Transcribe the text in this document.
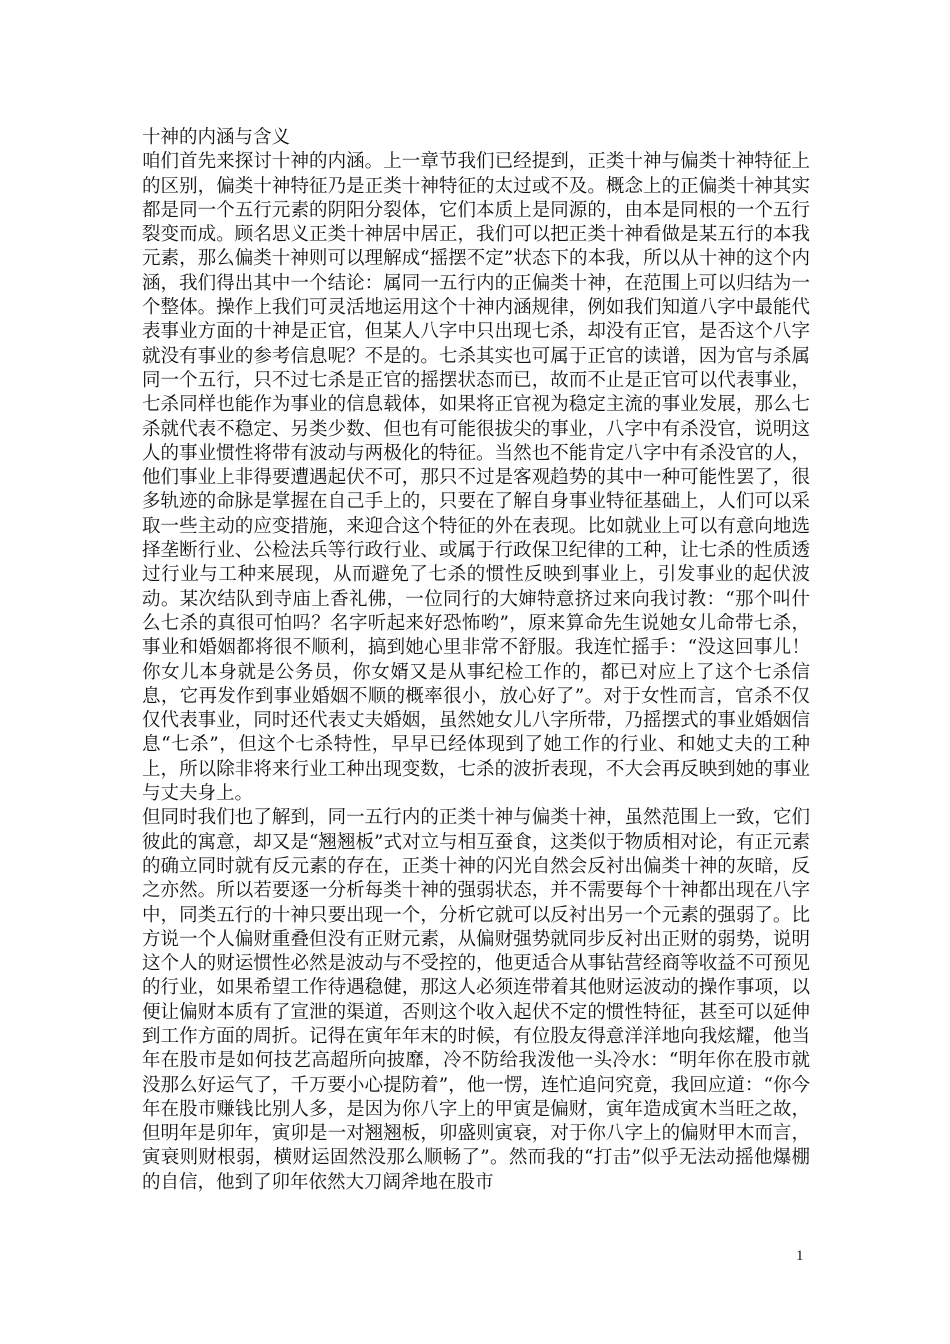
十神的内涵与含义

咱们首先来探讨十神的内涵。上一章节我们已经提到，正类十神与偏类十神特征上的区别，偏类十神特征乃是正类十神特征的太过或不及。概念上的正偏类十神其实都是同一个五行元素的阴阳分裂体，它们本质上是同源的，由本是同根的一个五行裂变而成。顾名思义正类十神居中居正，我们可以把正类十神看做是某五行的本我元素，那么偏类十神则可以理解成“摇摆不定”状态下的本我，所以从十神的这个内涵，我们得出其中一个结论：属同一五行内的正偏类十神，在范围上可以归结为一个整体。操作上我们可灵活地运用这个十神内涵规律，例如我们知道八字中最能代表事业方面的十神是正官，但某人八字中只出现七杀，却没有正官，是否这个八字就没有事业的参考信息呢？不是的。七杀其实也可属于正官的读谱，因为官与杀属同一个五行，只不过七杀是正官的摇摆状态而已，故而不止是正官可以代表事业，七杀同样也能作为事业的信息载体，如果将正官视为稳定主流的事业发展，那么七杀就代表不稳定、另类少数、但也有可能很拔尖的事业，八字中有杀没官，说明这人的事业惯性将带有波动与两极化的特征。当然也不能肯定八字中有杀没官的人，他们事业上非得要遭遇起伏不可，那只不过是客观趋势的其中一种可能性罢了，很多轨迹的命脉是掌握在自己手上的，只要在了解自身事业特征基础上，人们可以采取一些主动的应变措施，来迎合这个特征的外在表现。比如就业上可以有意向地选择垄断行业、公检法兵等行政行业、或属于行政保卫纪律的工种，让七杀的性质透过行业与工种来展现，从而避免了七杀的惯性反映到事业上，引发事业的起伏波动。某次结队到寺庙上香礼佛，一位同行的大婶特意挤过来向我讨教：“那个叫什么七杀的真很可怕吗？名字听起来好恐怖哟”，原来算命先生说她女儿命带七杀，事业和婚姻都将很不顺利，搞到她心里非常不舒服。我连忙摇手：“没这回事儿！你女儿本身就是公务员，你女婿又是从事纪检工作的，都已对应上了这个七杀信息，它再发作到事业婚姻不顺的概率很小，放心好了”。对于女性而言，官杀不仅仅代表事业，同时还代表丈夫婚姻，虽然她女儿八字所带，乃摇摆式的事业婚姻信息“七杀”，但这个七杀特性，早早已经体现到了她工作的行业、和她丈夫的工种上，所以除非将来行业工种出现变数，七杀的波折表现，不大会再反映到她的事业与丈夫身上。

但同时我们也了解到，同一五行内的正类十神与偏类十神，虽然范围上一致，它们彼此的寓意，却又是“翘翘板”式对立与相互蚕食，这类似于物质相对论，有正元素的确立同时就有反元素的存在，正类十神的闪光自然会反衬出偏类十神的灰暗，反之亦然。所以若要逐一分析每类十神的强弱状态，并不需要每个十神都出现在八字中，同类五行的十神只要出现一个，分析它就可以反衬出另一个元素的强弱了。比方说一个人偏财重叠但没有正财元素，从偏财强势就同步反衬出正财的弱势，说明这个人的财运惯性必然是波动与不受控的，他更适合从事钻营经商等收益不可预见的行业，如果希望工作待遇稳健，那这人必须连带着其他财运波动的操作事项，以便让偏财本质有了宣泄的渠道，否则这个收入起伏不定的惯性特征，甚至可以延伸到工作方面的周折。记得在寅年年末的时候，有位股友得意洋洋地向我炫耀，他当年在股市是如何技艺高超所向披靡，冷不防给我泼他一头冷水：“明年你在股市就没那么好运气了，千万要小心提防着”，他一愣，连忙追问究竟，我回应道：“你今年在股市赚钱比别人多，是因为你八字上的甲寅是偏财，寅年造成寅木当旺之故，但明年是卯年，寅卯是一对翘翘板，卯盛则寅衰，对于你八字上的偏财甲木而言，寅衰则财根弱，横财运固然没那么顺畅了”。然而我的“打击”似乎无法动摇他爆棚的自信，他到了卯年依然大刀阔斧地在股市

1
